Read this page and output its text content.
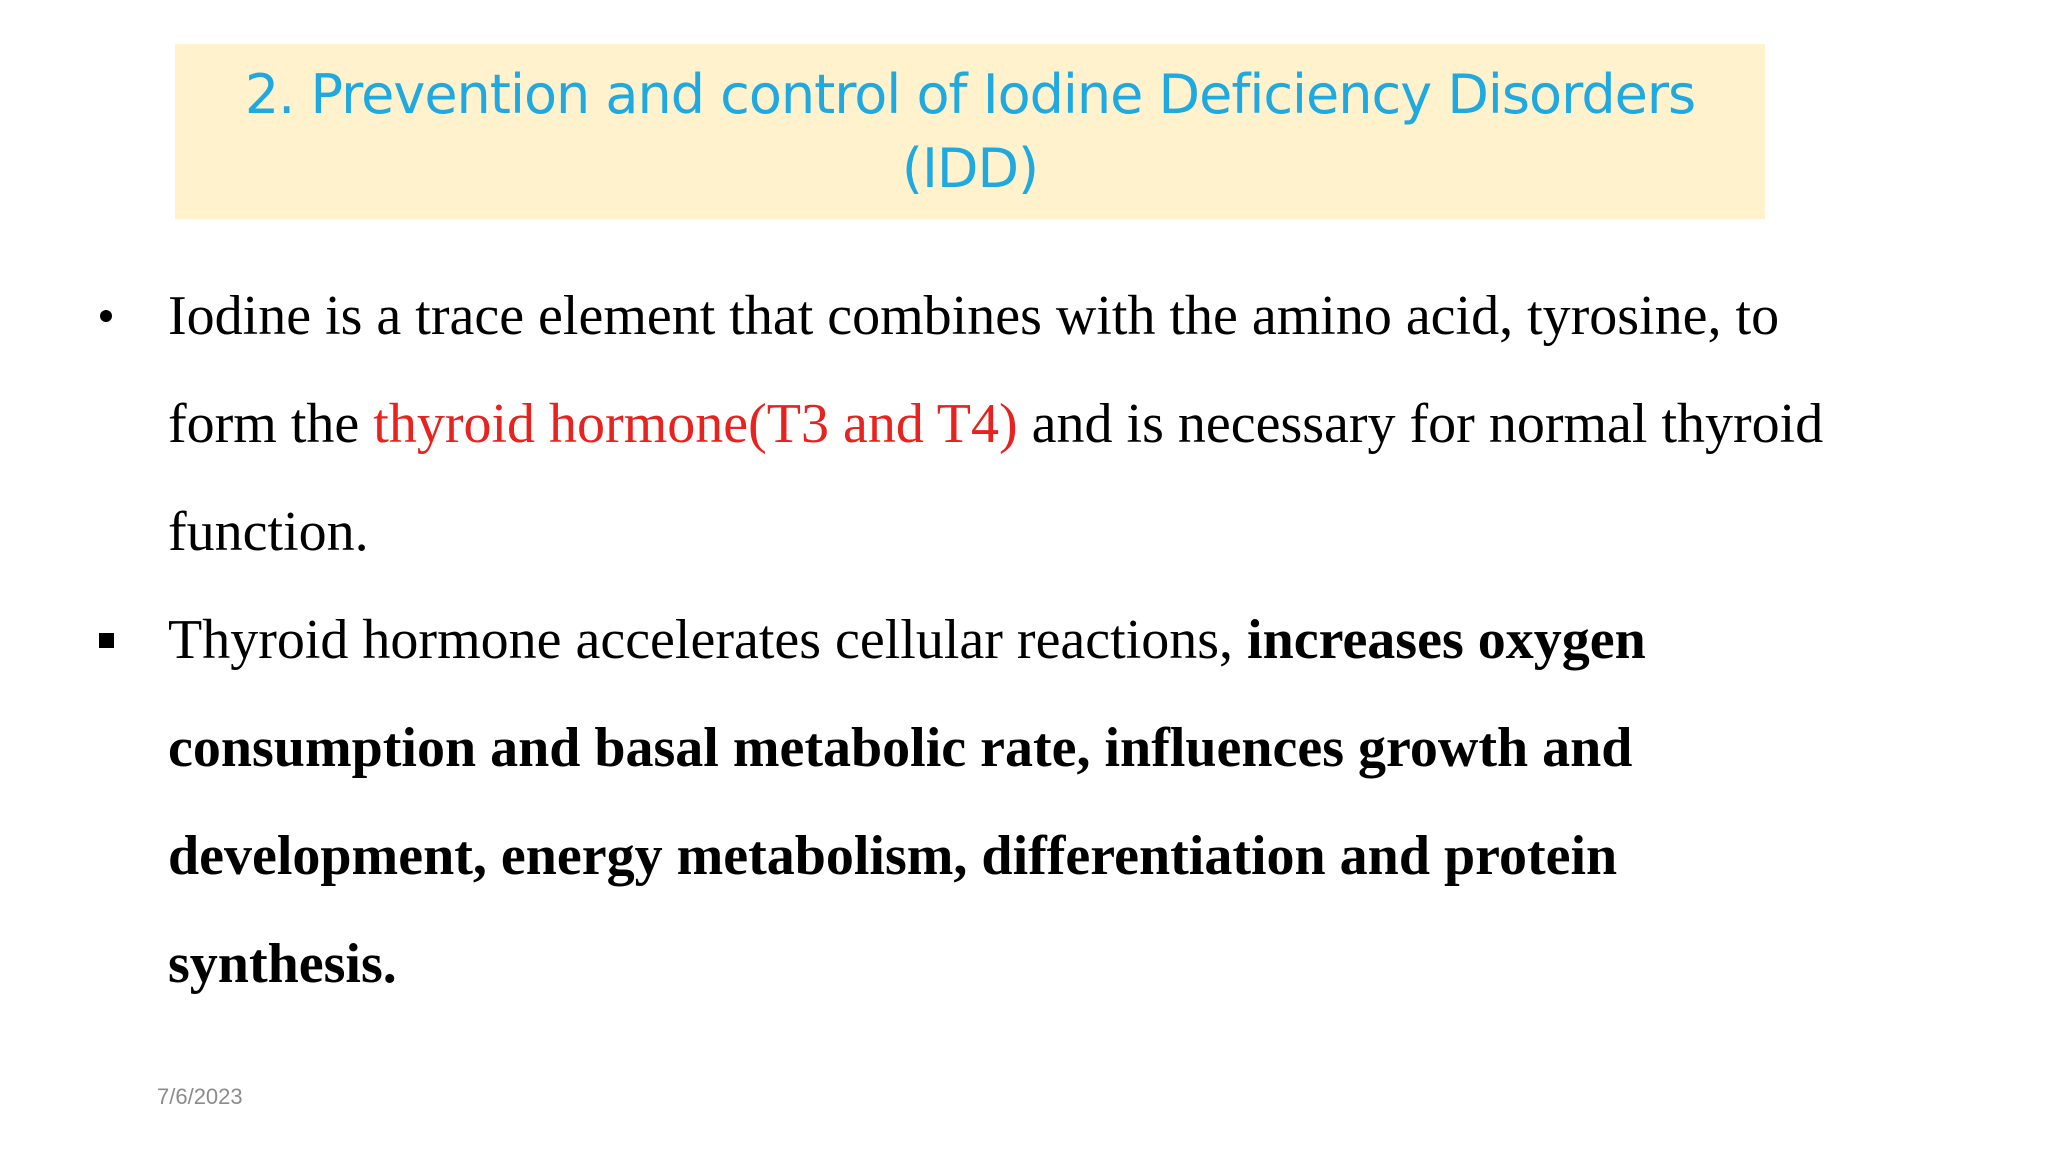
2. Prevention and control of Iodine Deficiency Disorders
(IDD)
Iodine is a trace element that combines with the amino acid, tyrosine, to
form the thyroid hormone(T3 and T4) and is necessary for normal thyroid
function.
Thyroid hormone accelerates cellular reactions, increases oxygen
consumption and basal metabolic rate, influences growth and
development, energy metabolism, differentiation and protein
synthesis.
7/6/2023
